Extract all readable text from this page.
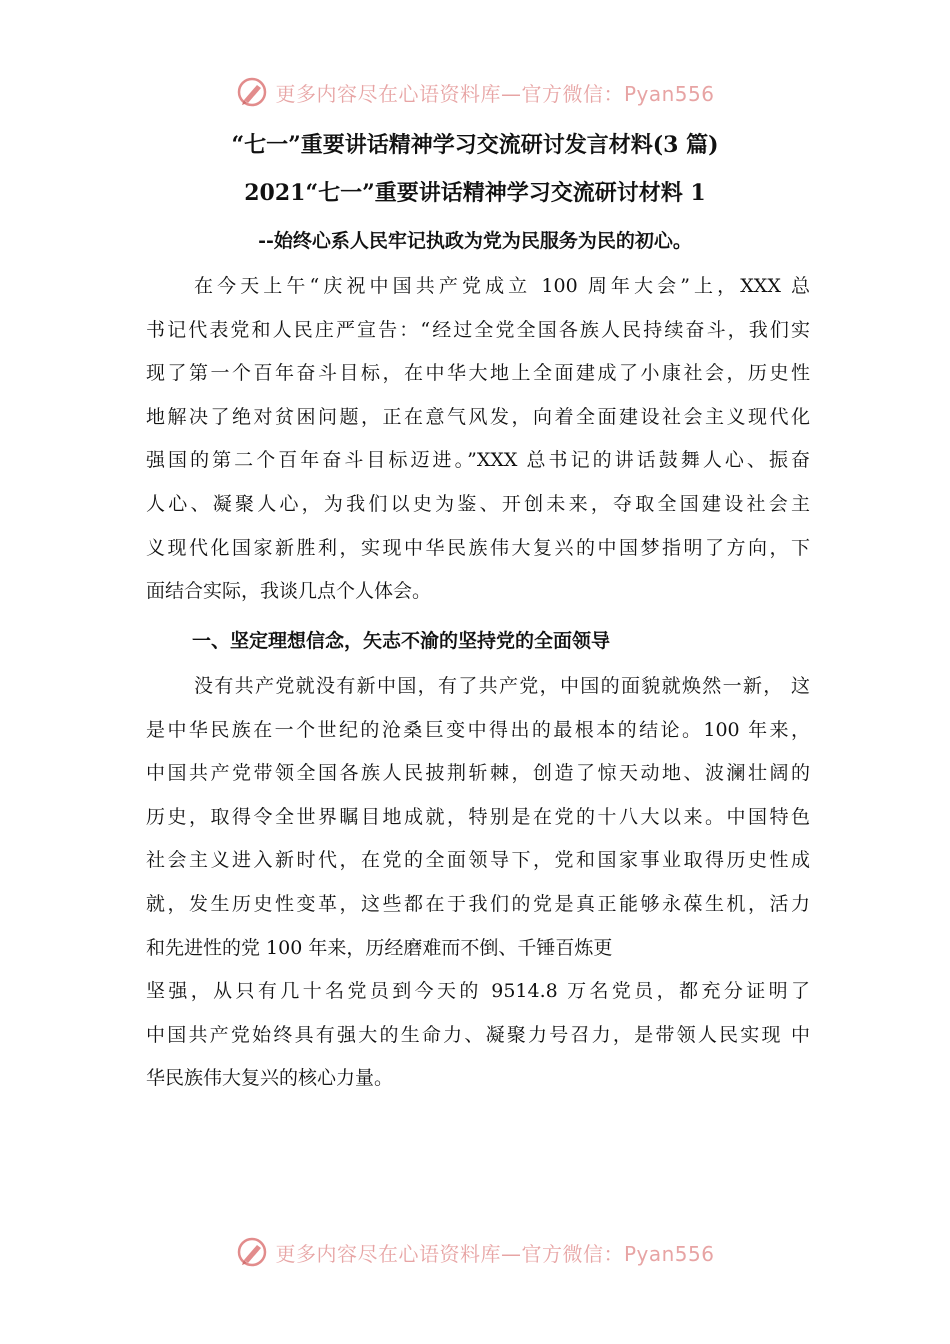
更多内容尽在心语资料库—官方微信：Pyan556
“七一”重要讲话精神学习交流研讨发言材料(3 篇)
2021“七一”重要讲话精神学习交流研讨材料 1
--始终心系人民牢记执政为党为民服务为民的初心。
在今天上午“庆祝中国共产党成立 100 周年大会”上，XXX 总
书记代表党和人民庄严宣告：“经过全党全国各族人民持续奋斗，我们实
现了第一个百年奋斗目标，在中华大地上全面建成了小康社会，历史性
地解决了绝对贫困问题，正在意气风发，向着全面建设社会主义现代化
强国的第二个百年奋斗目标迈进。”XXX 总书记的讲话鼓舞人心、振奋
人心、凝聚人心，为我们以史为鉴、开创未来，夺取全国建设社会主
义现代化国家新胜利，实现中华民族伟大复兴的中国梦指明了方向，下
面结合实际，我谈几点个人体会。
一、坚定理想信念，矢志不渝的坚持党的全面领导
没有共产党就没有新中国，有了共产党，中国的面貌就焕然一新， 这
是中华民族在一个世纪的沧桑巨变中得出的最根本的结论。100 年来，
中国共产党带领全国各族人民披荆斩棘，创造了惊天动地、波澜壮阔的
历史，取得令全世界瞩目地成就，特别是在党的十八大以来。中国特色
社会主义进入新时代，在党的全面领导下，党和国家事业取得历史性成
就，发生历史性变革，这些都在于我们的党是真正能够永葆生机，活力
和先进性的党 100 年来，历经磨难而不倒、千锤百炼更
坚强，从只有几十名党员到今天的 9514.8 万名党员，都充分证明了
中国共产党始终具有强大的生命力、凝聚力号召力，是带领人民实现 中
华民族伟大复兴的核心力量。
更多内容尽在心语资料库—官方微信：Pyan556
